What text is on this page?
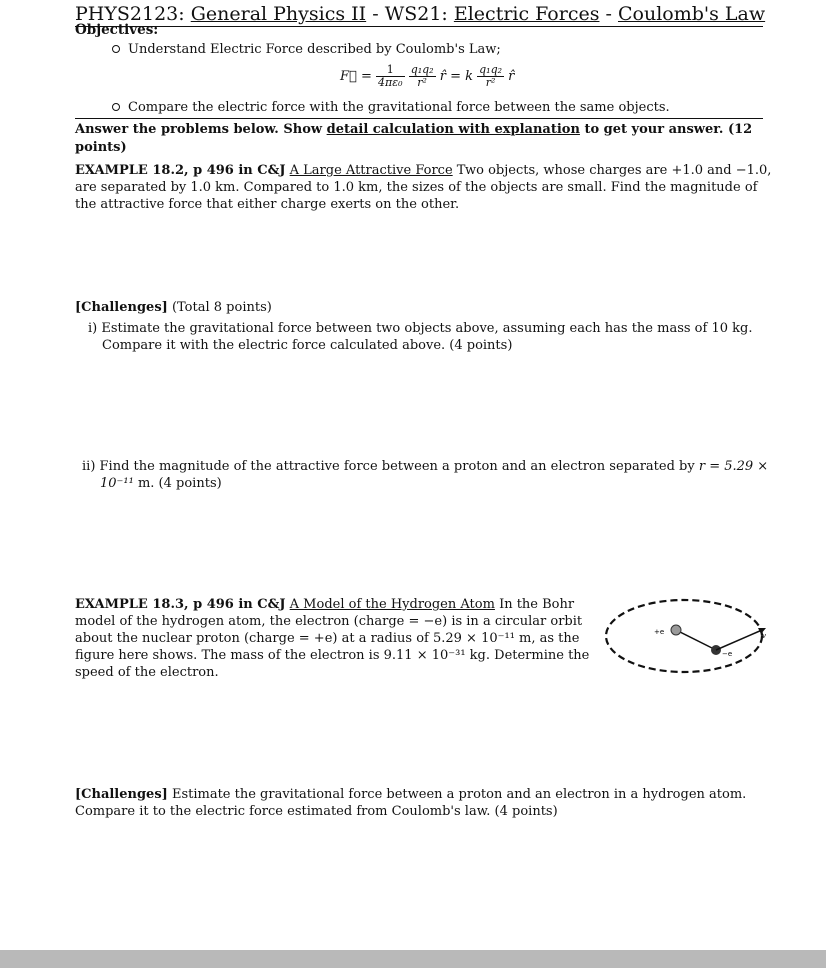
PHYS2123: General Physics II - WS21: Electric Forces - Coulomb's Law
Objectives:
Understand Electric Force described by Coulomb's Law;
F⃗ = $\frac{1}{\text{4πε₀}}$
$\frac{\text{q₁q₂}}{\text{r²}}$ r̂ = k $\frac{\text{q₁q₂}}{\text{r²}}$ r̂
Compare the electric force with the gravitational force between the same objects.
Answer the problems below. Show detail calculation with explanation to get your answer. (12 points)
EXAMPLE 18.2, p 496 in C&J A Large Attractive Force Two objects, whose charges are +1.0 and −1.0, are separated by 1.0 km. Compared to 1.0 km, the sizes of the objects are small. Find the magnitude of the attractive force that either charge exerts on the other.
[Challenges] (Total 8 points)
i) Estimate the gravitational force between two objects above, assuming each has the mass of 10 kg. Compare it with the electric force calculated above. (4 points)
ii) Find the magnitude of the attractive force between a proton and an electron separated by r = 5.29 × 10⁻¹¹ m. (4 points)
EXAMPLE 18.3, p 496 in C&J A Model of the Hydrogen Atom In the Bohr model of the hydrogen atom, the electron (charge = −e) is in a circular orbit about the nuclear proton (charge = +e) at a radius of 5.29 × 10⁻¹¹ m, as the figure here shows. The mass of the electron is 9.11 × 10⁻³¹ kg. Determine the speed of the electron.
+e
−e
v
[Challenges] Estimate the gravitational force between a proton and an electron in a hydrogen atom. Compare it to the electric force estimated from Coulomb's law. (4 points)
